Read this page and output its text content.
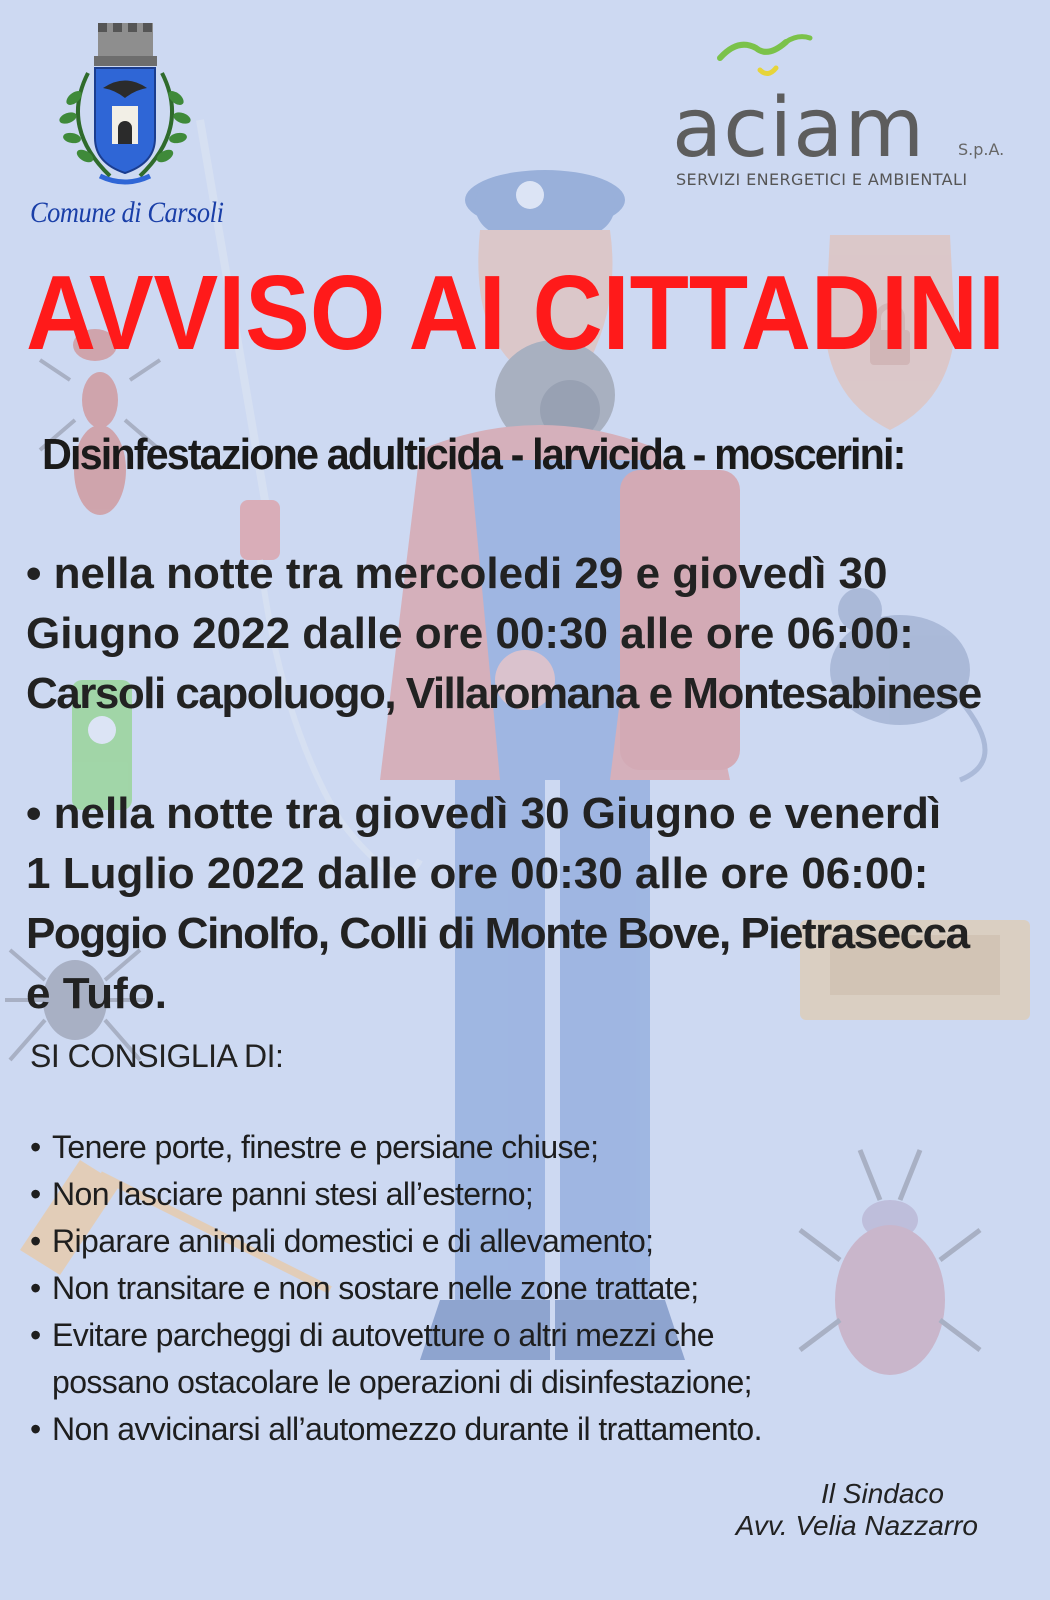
Comune di Carsoli
aciam S.p.A.
SERVIZI ENERGETICI E AMBIENTALI
AVVISO AI CITTADINI
Disinfestazione adulticida - larvicida - moscerini:
• nella notte tra mercoledi 29 e giovedì 30
Giugno 2022 dalle ore 00:30 alle ore 06:00:
Carsoli capoluogo, Villaromana e Montesabinese
• nella notte tra giovedì 30 Giugno e venerdì
1 Luglio 2022 dalle ore 00:30 alle ore 06:00:
Poggio Cinolfo, Colli di Monte Bove, Pietrasecca
e Tufo.
SI CONSIGLIA DI:
• Tenere porte, finestre e persiane chiuse;
• Non lasciare panni stesi all’esterno;
• Riparare animali domestici e di allevamento;
• Non transitare e non sostare nelle zone trattate;
• Evitare parcheggi di autovetture o altri mezzi che
possano ostacolare le operazioni di disinfestazione;
• Non avvicinarsi all’automezzo durante il trattamento.
Il Sindaco
Avv. Velia Nazzarro
